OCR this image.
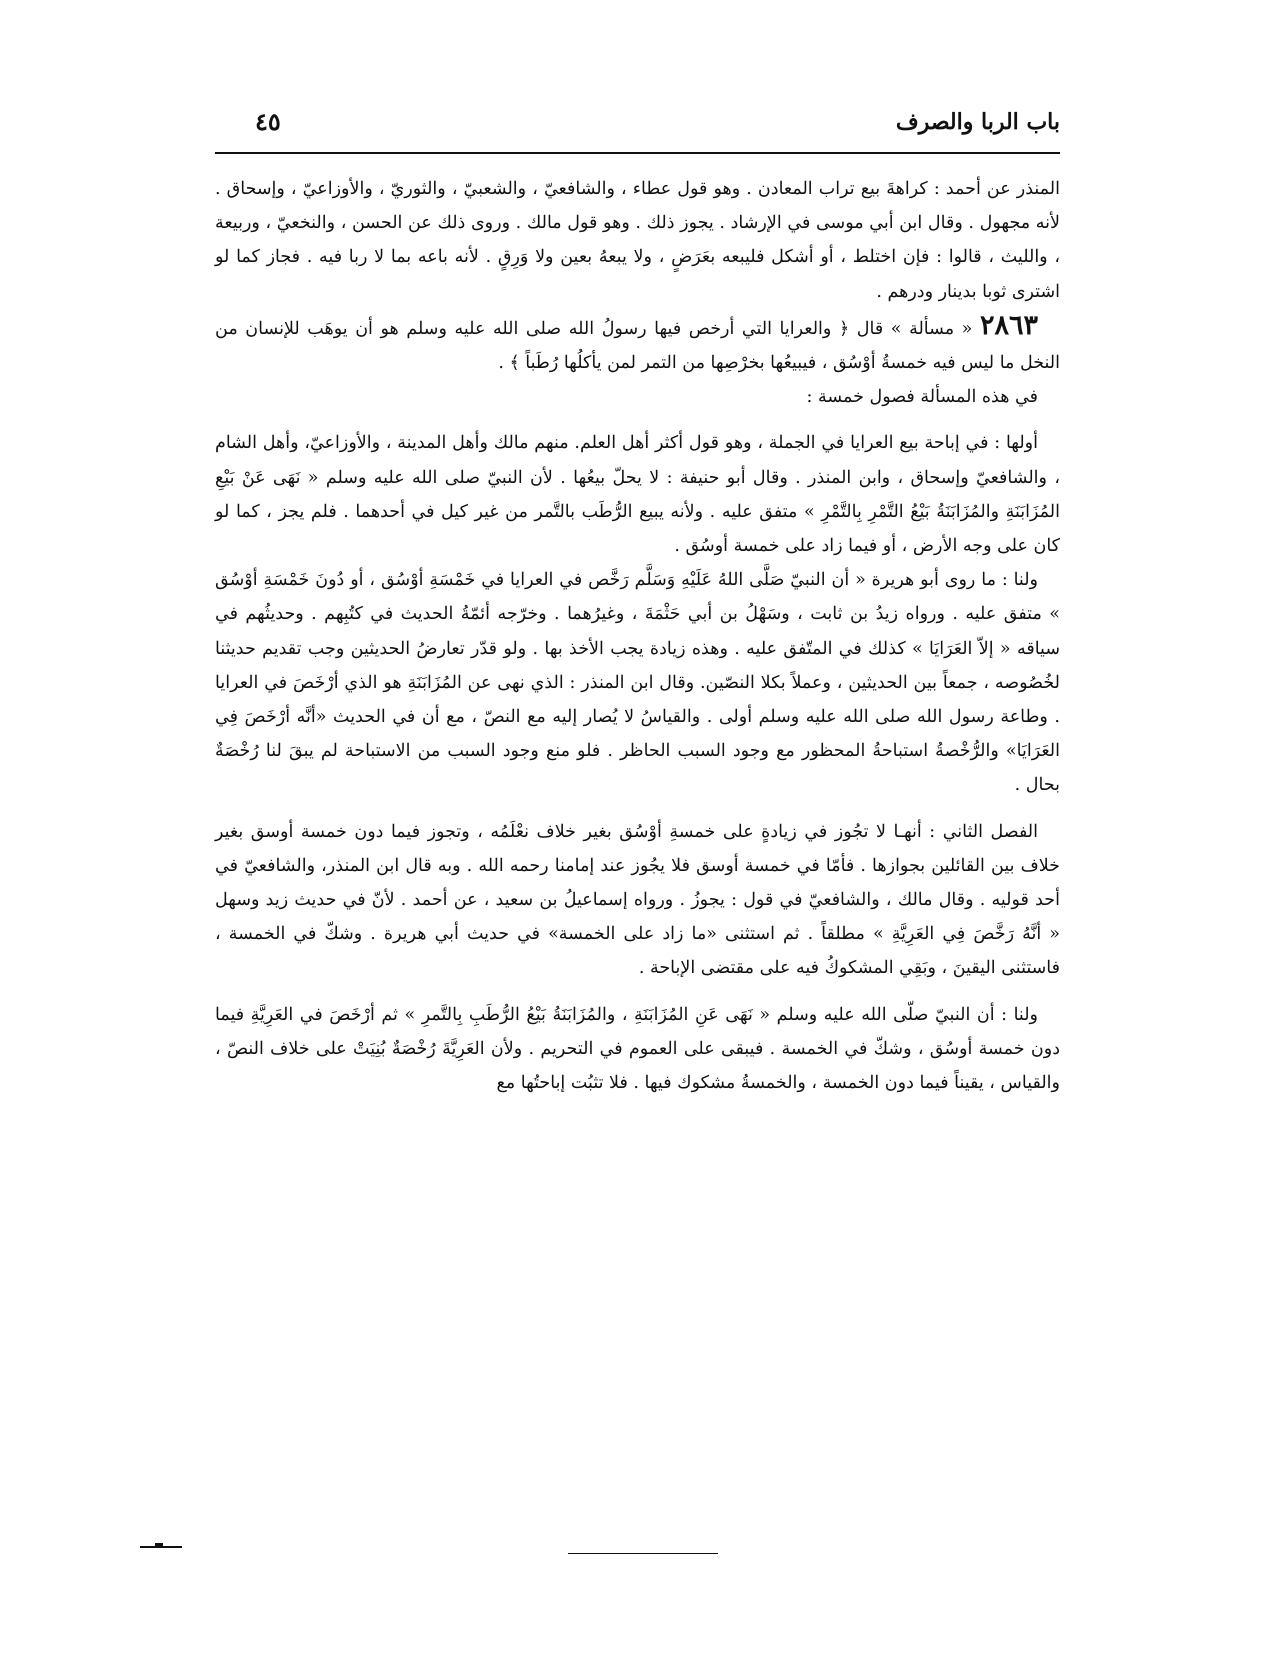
باب الربا والصرف
٤٥

المنذر عن أحمد : كراهةَ بيع تراب المعادن . وهو قول عطاء ، والشافعيّ ، والشعبيّ ، والثوريّ ، والأوزاعيّ ، وإسحاق . لأنه مجهول . وقال ابن أبي موسى في الإرشاد . يجوز ذلك . وهو قول مالك . وروى ذلك عن الحسن ، والنخعيّ ، وربيعة ، والليث ، قالوا : فإن اختلط ، أو أشكل فليبعه بعَرَضٍ ، ولا يبعهُ بعين ولا وَرِقٍ . لأنه باعه بما لا ربا فيه . فجاز كما لو اشترى ثوبا بدينار ودرهم .

٢٨٦٣ « مسألة » قال ﴿ والعرايا التي أرخص فيها رسولُ الله صلى الله عليه وسلم هو أن يوهَب للإنسان من النخل ما ليس فيه خمسةُ أوْسُق ، فيبيعُها بخرْصِها من التمر لمن يأكلُها رُطَباً ﴾ .

في هذه المسألة فصول خمسة :

أولها : في إباحة بيع العرايا في الجملة ، وهو قول أكثر أهل العلم. منهم مالك وأهل المدينة ، والأوزاعيّ، وأهل الشام ، والشافعيّ وإسحاق ، وابن المنذر . وقال أبو حنيفة : لا يحلّ بيعُها . لأن النبيّ صلى الله عليه وسلم « نَهَى عَنْ بَيْعِ المُزَابَنَةِ والمُزَابَنَةُ بَيْعُ التَّمْرِ بِالتَّمْرِ » متفق عليه . ولأنه يبيع الرُّطَب بالتَّمر من غير كيل في أحدهما . فلم يجز ، كما لو كان على وجه الأرض ، أو فيما زاد على خمسة أوسُق .

ولنا : ما روى أبو هريرة « أن النبيّ صَلَّى اللهُ عَلَيْهِ وَسَلَّم رَخَّص في العرايا في خَمْسَةِ أوْسُق ، أو دُونَ خَمْسَةِ أوْسُق » متفق عليه . ورواه زيدُ بن ثابت ، وسَهْلُ بن أبي حَثْمَةَ ، وغيرُهما . وخرّجه أئمّةُ الحديث في كتُبِهم . وحديثُهم في سياقه « إلاّ العَرَايَا » كذلك في المتّفق عليه . وهذه زيادة يجب الأخذ بها . ولو قدّر تعارضُ الحديثين وجب تقديم حديثنا لخُصُوصه ، جمعاً بين الحديثين ، وعملاً بكلا النصّين. وقال ابن المنذر : الذي نهى عن المُزَابَنَةِ هو الذي أرْخَصَ في العرايا . وطاعة رسول الله صلى الله عليه وسلم أولى . والقياسُ لا يُصار إليه مع النصّ ، مع أن في الحديث «أنَّه أرْخَصَ فِي العَرَايَا» والرُّخْصةُ استباحةُ المحظور مع وجود السبب الحاظر . فلو منع وجود السبب من الاستباحة لم يبقَ لنا رُخْصَةٌ بحال .

الفصل الثاني : أنهـا لا تجُوز في زيادةٍ على خمسةِ أوْسُق بغير خلاف نعْلَمُه ، وتجوز فيما دون خمسة أوسق بغير خلاف بين القائلين بجوازها . فأمّا في خمسة أوسق فلا يجُوز عند إمامنا رحمه الله . وبه قال ابن المنذر، والشافعيّ في أحد قوليه . وقال مالك ، والشافعيّ في قول : يجوزُ . ورواه إسماعيلُ بن سعيد ، عن أحمد . لأنّ في حديث زيد وسهل « أنَّهُ رَخَّصَ فِي العَرِيَّةِ » مطلقاً . ثم استثنى «ما زاد على الخمسة» في حديث أبي هريرة . وشكّ في الخمسة ، فاستثنى اليقينَ ، وبَقِي المشكوكُ فيه على مقتضى الإباحة .

ولنا : أن النبيّ صلّى الله عليه وسلم « نَهَى عَنِ المُزَابَنَةِ ، والمُزَابَنَةُ بَيْعُ الرُّطَبِ بِالتَّمرِ » ثم أرْخَصَ في العَرِيَّةِ فيما دون خمسة أوسُق ، وشكّ في الخمسة . فيبقى على العموم في التحريم . ولأن العَرِيَّةَ رُخْصَةٌ بُنِيَتْ على خلاف النصّ ، والقياس ، يقيناً فيما دون الخمسة ، والخمسةُ مشكوك فيها . فلا تثبُت إباحتُها مع
